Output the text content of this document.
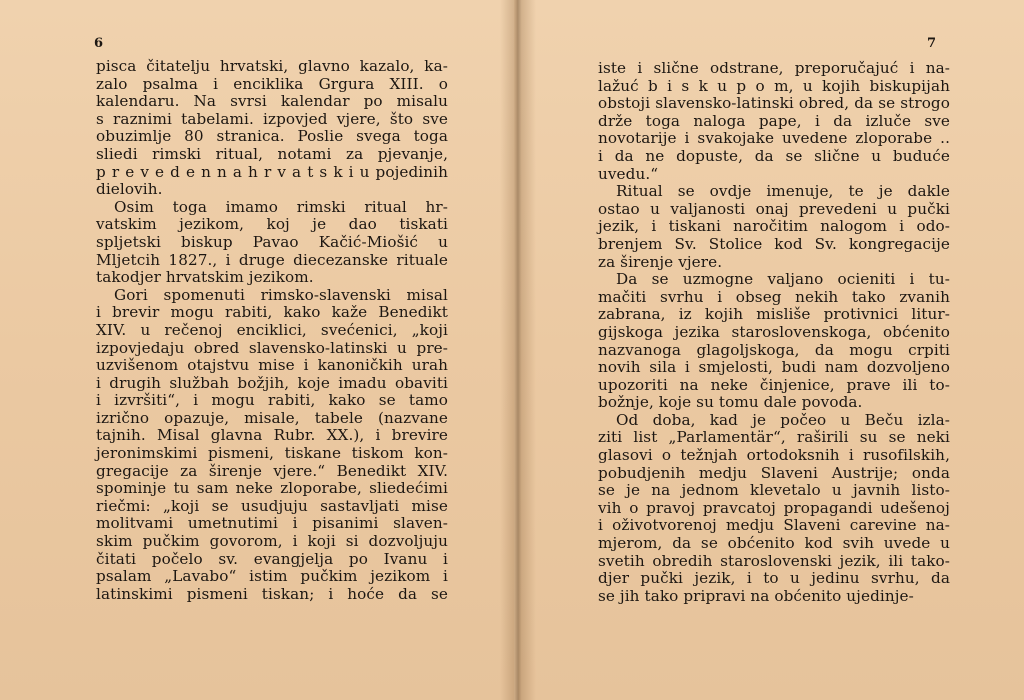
6
pisca čitatelju hrvatski, glavno kazalo, ka-
zalo psalma i enciklika Grgura XIII. o
kalendaru. Na svrsi kalendar po misalu
s raznimi tabelami. izpovjed vjere, što sve
obuzimlje 80 stranica. Poslie svega toga
sliedi rimski ritual, notami za pjevanje,
p r e v e d e n n a h r v a t s k i u pojedinih
dielovih.
Osim toga imamo rimski ritual hr-
vatskim jezikom, koj je dao tiskati
spljetski biskup Pavao Kačić-Miošić u
Mljetcih 1827., i druge diecezanske rituale
takodjer hrvatskim jezikom.
Gori spomenuti rimsko-slavenski misal
i brevir mogu rabiti, kako kaže Benedikt
XIV. u rečenoj enciklici, svećenici, „koji
izpovjedaju obred slavensko-latinski u pre-
uzvišenom otajstvu mise i kanoničkih urah
i drugih službah božjih, koje imadu obaviti
i izvršiti“, i mogu rabiti, kako se tamo
izrično opazuje, misale, tabele (nazvane
tajnih. Misal glavna Rubr. XX.), i brevire
jeronimskimi pismeni, tiskane tiskom kon-
gregacije za širenje vjere.“ Benedikt XIV.
spominje tu sam neke zloporabe, sliedećimi
riečmi: „koji se usudjuju sastavljati mise
molitvami umetnutimi i pisanimi slaven-
skim pučkim govorom, i koji si dozvoljuju
čitati počelo sv. evangjelja po Ivanu i
psalam „Lavabo“ istim pučkim jezikom i
latinskimi pismeni tiskan; i hoće da se
7
iste i slične odstrane, preporučajuć i na-
lažuć b i s k u p o m, u kojih biskupijah
obstoji slavensko-latinski obred, da se strogo
drže toga naloga pape, i da izluče sve
novotarije i svakojake uvedene zloporabe ..
i da ne dopuste, da se slične u buduće
uvedu.“
Ritual se ovdje imenuje, te je dakle
ostao u valjanosti onaj prevedeni u pučki
jezik, i tiskani naročitim nalogom i odo-
brenjem Sv. Stolice kod Sv. kongregacije
za širenje vjere.
Da se uzmogne valjano ocieniti i tu-
mačiti svrhu i obseg nekih tako zvanih
zabrana, iz kojih misliše protivnici litur-
gijskoga jezika staroslovenskoga, obćenito
nazvanoga glagoljskoga, da mogu crpiti
novih sila i smjelosti, budi nam dozvoljeno
upozoriti na neke činjenice, prave ili to-
božnje, koje su tomu dale povoda.
Od doba, kad je počeo u Beču izla-
ziti list „Parlamentär“, raširili su se neki
glasovi o težnjah ortodoksnih i rusofilskih,
pobudjenih medju Slaveni Austrije; onda
se je na jednom klevetalo u javnih listo-
vih o pravoj pravcatoj propagandi udešenoj
i oživotvorenoj medju Slaveni carevine na-
mjerom, da se obćenito kod svih uvede u
svetih obredih staroslovenski jezik, ili tako-
djer pučki jezik, i to u jedinu svrhu, da
se jih tako pripravi na obćenito ujedinje-
